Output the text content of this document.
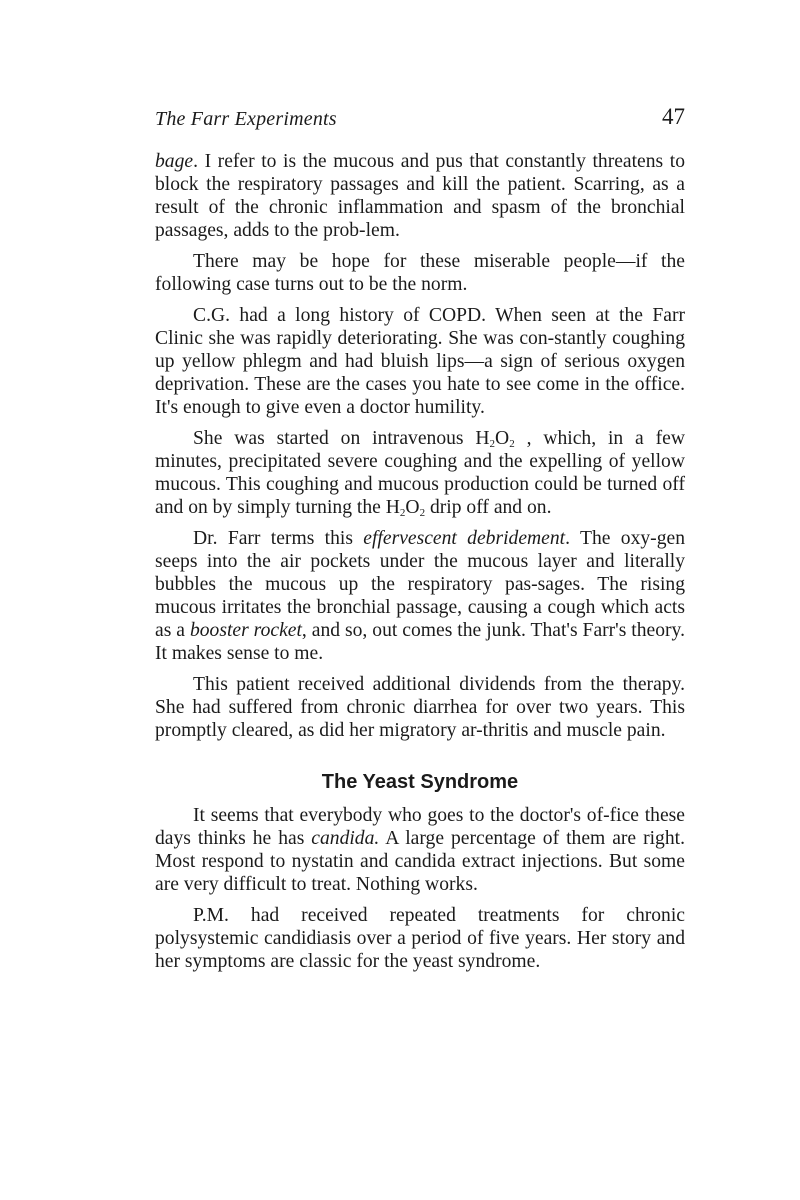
The Farr Experiments	47

bage. I refer to is the mucous and pus that constantly threatens to block the respiratory passages and kill the patient. Scarring, as a result of the chronic inflammation and spasm of the bronchial passages, adds to the prob-lem.

There may be hope for these miserable people—if the following case turns out to be the norm.

C.G. had a long history of COPD. When seen at the Farr Clinic she was rapidly deteriorating. She was con-stantly coughing up yellow phlegm and had bluish lips—a sign of serious oxygen deprivation. These are the cases you hate to see come in the office. It's enough to give even a doctor humility.

She was started on intravenous $H_2O_2$ , which, in a few minutes, precipitated severe coughing and the expelling of yellow mucous. This coughing and mucous production could be turned off and on by simply turning the $H_2O_2$ drip off and on.

Dr. Farr terms this effervescent debridement. The oxy-gen seeps into the air pockets under the mucous layer and literally bubbles the mucous up the respiratory pas-sages. The rising mucous irritates the bronchial passage, causing a cough which acts as a booster rocket, and so, out comes the junk. That's Farr's theory. It makes sense to me.

This patient received additional dividends from the therapy. She had suffered from chronic diarrhea for over two years. This promptly cleared, as did her migratory ar-thritis and muscle pain.

The Yeast Syndrome

It seems that everybody who goes to the doctor's of-fice these days thinks he has candida. A large percentage of them are right. Most respond to nystatin and candida extract injections. But some are very difficult to treat. Nothing works.

P.M. had received repeated treatments for chronic polysystemic candidiasis over a period of five years. Her story and her symptoms are classic for the yeast syndrome.
